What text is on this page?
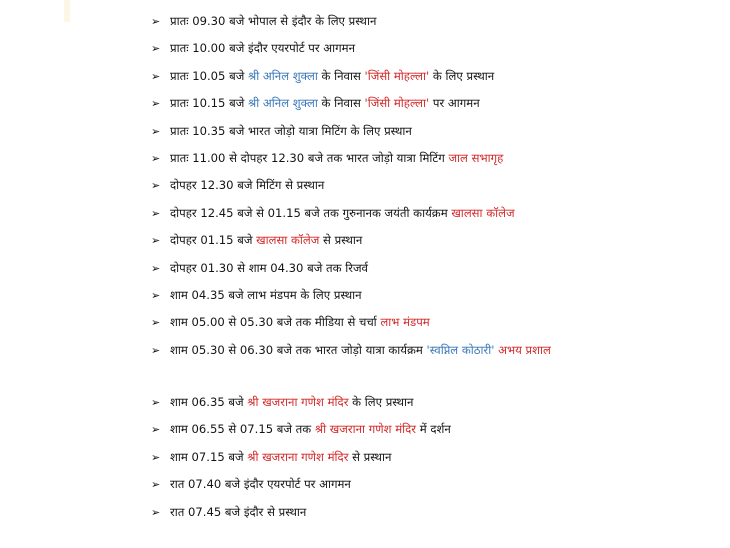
➢ प्रातः 09.30 बजे भोपाल से इंदौर के लिए प्रस्थान
➢ प्रातः 10.00 बजे इंदौर एयरपोर्ट पर आगमन
➢ प्रातः 10.05 बजे श्री अनिल शुक्ला के निवास 'जिंसी मोहल्ला' के लिए प्रस्थान
➢ प्रातः 10.15 बजे श्री अनिल शुक्ला के निवास 'जिंसी मोहल्ला' पर आगमन
➢ प्रातः 10.35 बजे भारत जोड़ो यात्रा मिटिंग के लिए प्रस्थान
➢ प्रातः 11.00 से दोपहर 12.30 बजे तक भारत जोड़ो यात्रा मिटिंग जाल सभागृह
➢ दोपहर 12.30 बजे मिटिंग से प्रस्थान
➢ दोपहर 12.45 बजे से 01.15 बजे तक गुरुनानक जयंती कार्यक्रम खालसा कॉलेज
➢ दोपहर 01.15 बजे खालसा कॉलेज से प्रस्थान
➢ दोपहर 01.30 से शाम 04.30 बजे तक रिजर्व
➢ शाम 04.35 बजे लाभ मंडपम के लिए प्रस्थान
➢ शाम 05.00 से 05.30 बजे तक मीडिया से चर्चा लाभ मंडपम
➢ शाम 05.30 से 06.30 बजे तक भारत जोड़ो यात्रा कार्यक्रम 'स्वप्निल कोठारी' अभय प्रशाल
➢ शाम 06.35 बजे श्री खजराना गणेश मंदिर के लिए प्रस्थान
➢ शाम 06.55 से 07.15 बजे तक श्री खजराना गणेश मंदिर में दर्शन
➢ शाम 07.15 बजे श्री खजराना गणेश मंदिर से प्रस्थान
➢ रात 07.40 बजे इंदौर एयरपोर्ट पर आगमन
➢ रात 07.45 बजे इंदौर से प्रस्थान
